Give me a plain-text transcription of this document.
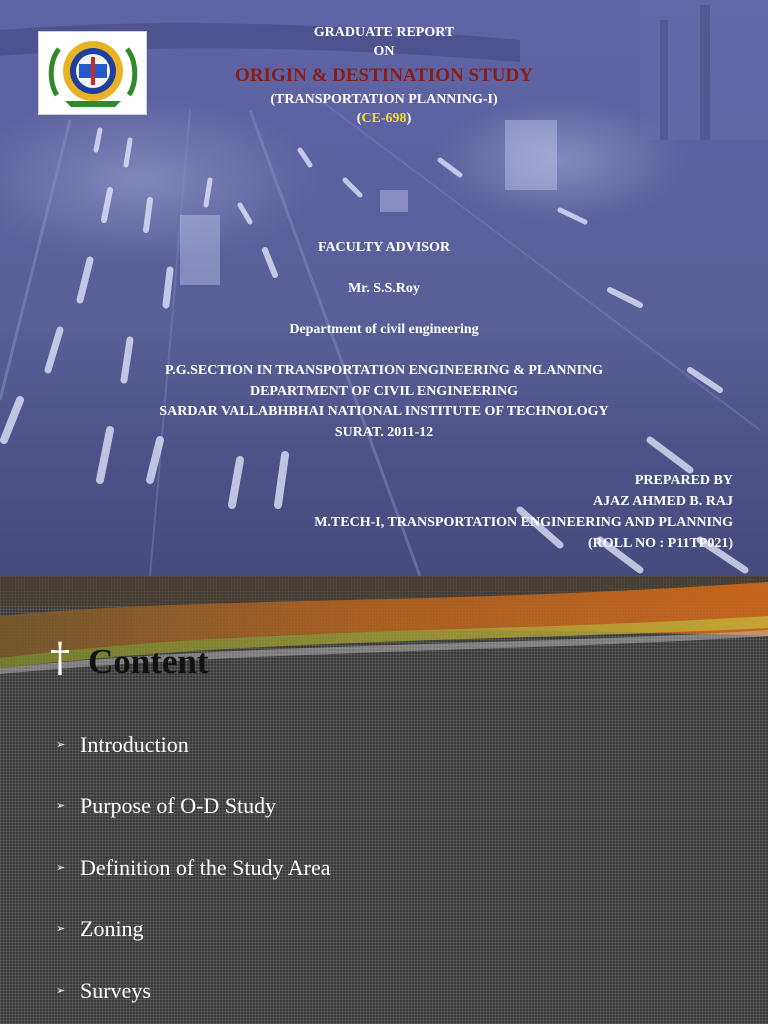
GRADUATE REPORT
ON
ORIGIN & DESTINATION STUDY
(TRANSPORTATION PLANNING-I)
(CE-698)
FACULTY ADVISOR
Mr. S.S.Roy
Department of civil engineering
P.G.SECTION IN TRANSPORTATION ENGINEERING & PLANNING
DEPARTMENT OF CIVIL ENGINEERING
SARDAR VALLABHBHAI NATIONAL INSTITUTE OF TECHNOLOGY
SURAT. 2011-12
PREPARED BY
AJAZ AHMED B. RAJ
M.TECH-I, TRANSPORTATION ENGINEERING AND PLANNING
(ROLL NO : P11TP021)
† Content
➢ Introduction
➢ Purpose of O-D Study
➢ Definition of the Study Area
➢ Zoning
➢ Surveys
